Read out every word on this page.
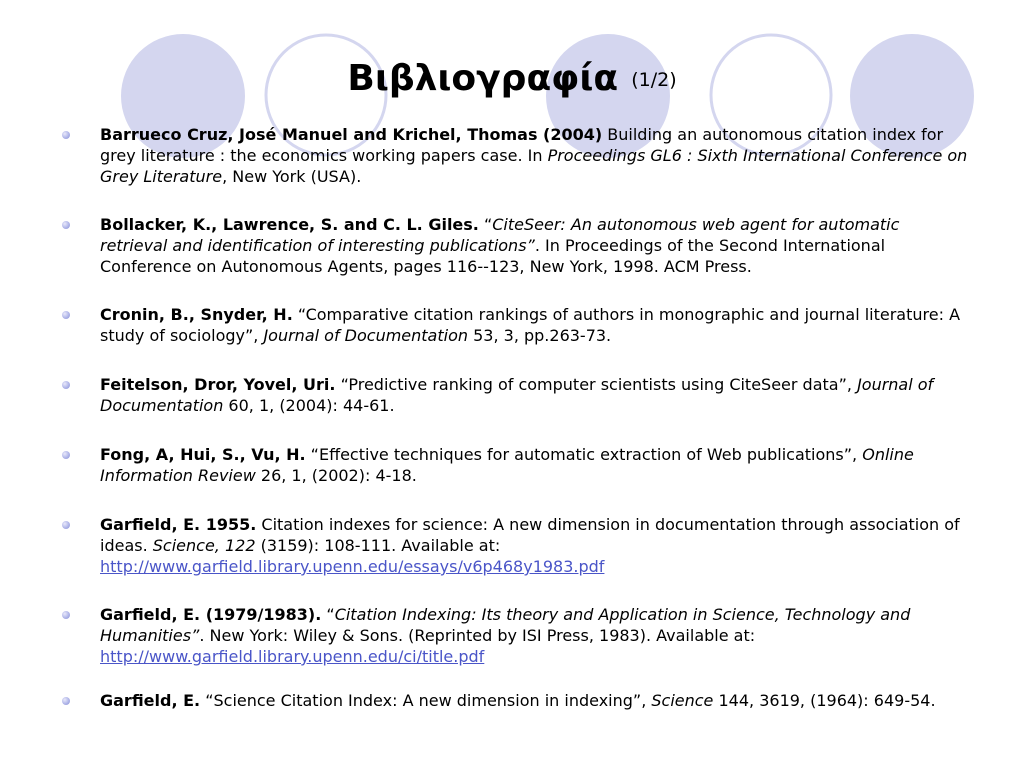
Βιβλιογραφία (1/2)
Barrueco Cruz, José Manuel and Krichel, Thomas (2004) Building an autonomous citation index for grey literature : the economics working papers case. In Proceedings GL6 : Sixth International Conference on Grey Literature, New York (USA).
Bollacker, K., Lawrence, S. and C. L. Giles. “CiteSeer: An autonomous web agent for automatic retrieval and identification of interesting publications”. In Proceedings of the Second International Conference on Autonomous Agents, pages 116--123, New York, 1998. ACM Press.
Cronin, B., Snyder, H. “Comparative citation rankings of authors in monographic and journal literature: A study of sociology”, Journal of Documentation 53, 3, pp.263-73.
Feitelson, Dror, Yovel, Uri. “Predictive ranking of computer scientists using CiteSeer data”, Journal of Documentation 60, 1, (2004): 44-61.
Fong, A, Hui, S., Vu, H. “Effective techniques for automatic extraction of Web publications”, Online Information Review 26, 1, (2002): 4-18.
Garfield, E. 1955. Citation indexes for science: A new dimension in documentation through association of ideas. Science, 122 (3159): 108-111. Available at: http://www.garfield.library.upenn.edu/essays/v6p468y1983.pdf
Garfield, E. (1979/1983). “Citation Indexing: Its theory and Application in Science, Technology and Humanities”. New York: Wiley & Sons. (Reprinted by ISI Press, 1983). Available at: http://www.garfield.library.upenn.edu/ci/title.pdf
Garfield, E. “Science Citation Index: A new dimension in indexing”, Science 144, 3619, (1964): 649-54.
